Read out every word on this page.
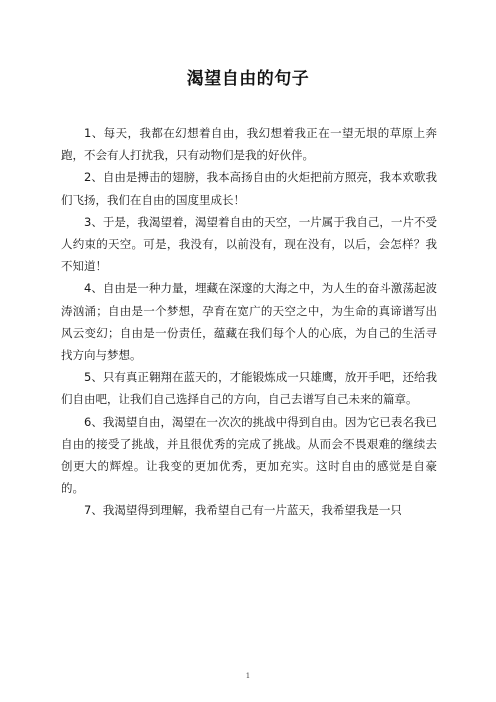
渴望自由的句子

1、每天，我都在幻想着自由，我幻想着我正在一望无垠的草原上奔跑，不会有人打扰我，只有动物们是我的好伙伴。

2、自由是搏击的翅膀，我本高扬自由的火炬把前方照亮，我本欢歌我们飞扬，我们在自由的国度里成长！

3、于是，我渴望着，渴望着自由的天空，一片属于我自己，一片不受人约束的天空。可是，我没有，以前没有，现在没有，以后，会怎样？我不知道！

4、自由是一种力量，埋藏在深邃的大海之中，为人生的奋斗激荡起波涛汹涌；自由是一个梦想，孕育在宽广的天空之中，为生命的真谛谱写出风云变幻；自由是一份责任，蕴藏在我们每个人的心底，为自己的生活寻找方向与梦想。

5、只有真正翱翔在蓝天的，才能锻炼成一只雄鹰，放开手吧，还给我们自由吧，让我们自己选择自己的方向，自己去谱写自己未来的篇章。

6、我渴望自由，渴望在一次次的挑战中得到自由。因为它已表名我已自由的接受了挑战，并且很优秀的完成了挑战。从而会不畏艰难的继续去创更大的辉煌。让我变的更加优秀，更加充实。这时自由的感觉是自豪的。

7、我渴望得到理解，我希望自己有一片蓝天，我希望我是一只

1
